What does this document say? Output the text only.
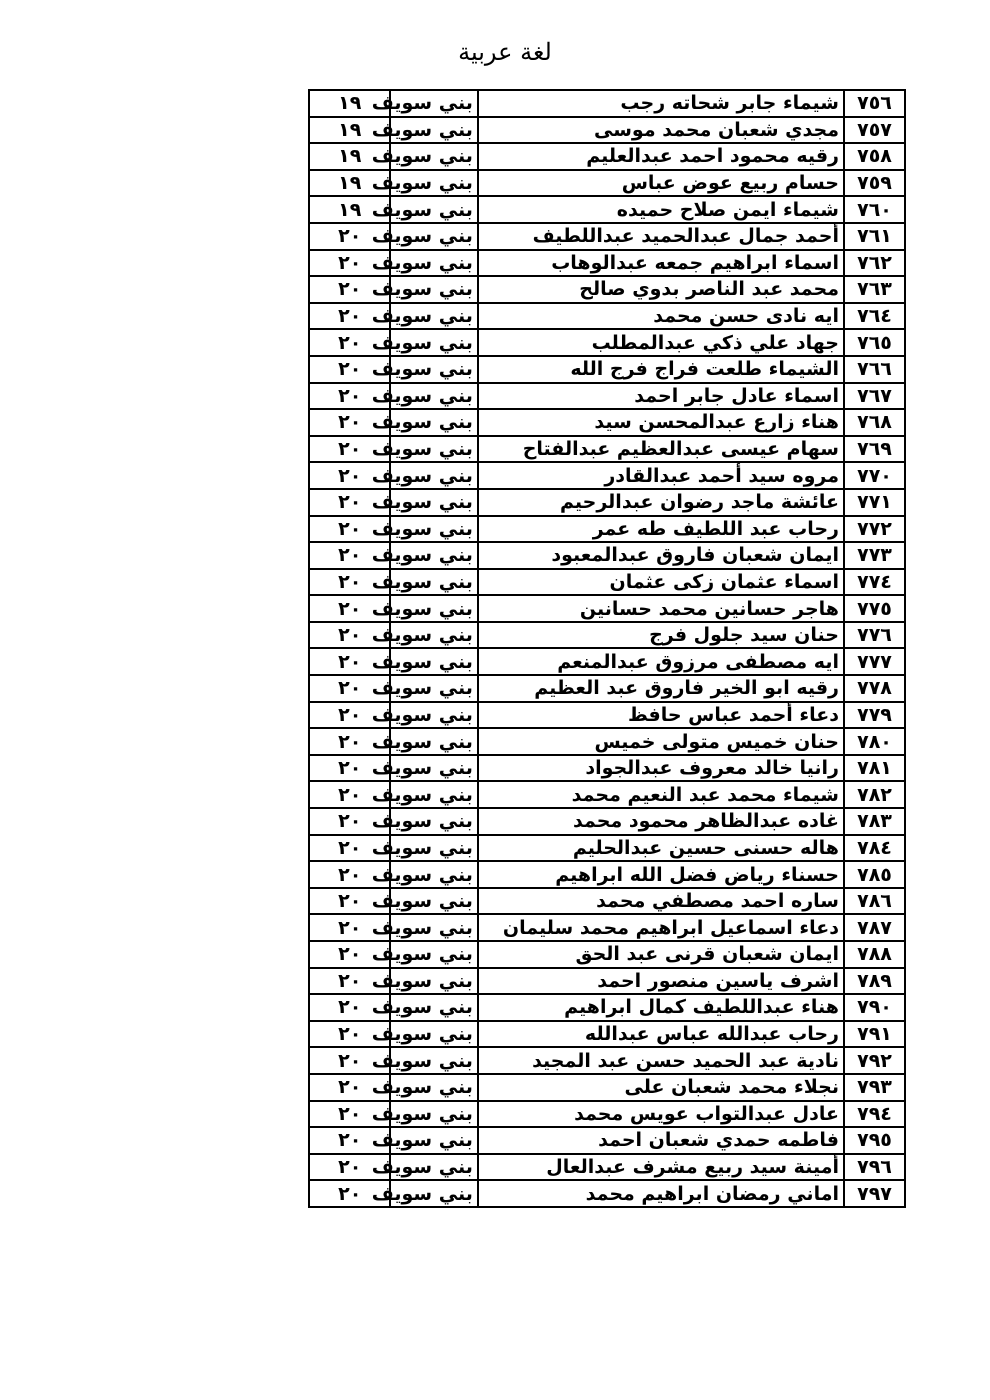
لغة عربية
٧٥٦	شيماء جابر شحاته رجب	بني سويف	١٩
٧٥٧	مجدي شعبان محمد موسى	بني سويف	١٩
٧٥٨	رقيه محمود احمد عبدالعليم	بني سويف	١٩
٧٥٩	حسام ربيع عوض عباس	بني سويف	١٩
٧٦٠	شيماء ايمن صلاح حميده	بني سويف	١٩
٧٦١	أحمد جمال عبدالحميد عبداللطيف	بني سويف	٢٠
٧٦٢	اسماء ابراهيم جمعه عبدالوهاب	بني سويف	٢٠
٧٦٣	محمد عبد الناصر بدوي صالح	بني سويف	٢٠
٧٦٤	ايه نادى حسن محمد	بني سويف	٢٠
٧٦٥	جهاد علي ذكي عبدالمطلب	بني سويف	٢٠
٧٦٦	الشيماء طلعت فراج فرج الله	بني سويف	٢٠
٧٦٧	اسماء عادل جابر احمد	بني سويف	٢٠
٧٦٨	هناء زارع عبدالمحسن سيد	بني سويف	٢٠
٧٦٩	سهام عيسى عبدالعظيم عبدالفتاح	بني سويف	٢٠
٧٧٠	مروه سيد أحمد عبدالقادر	بني سويف	٢٠
٧٧١	عائشة ماجد رضوان عبدالرحيم	بني سويف	٢٠
٧٧٢	رحاب عبد اللطيف طه عمر	بني سويف	٢٠
٧٧٣	ايمان شعبان فاروق عبدالمعبود	بني سويف	٢٠
٧٧٤	اسماء عثمان زكى عثمان	بني سويف	٢٠
٧٧٥	هاجر حسانين محمد حسانين	بني سويف	٢٠
٧٧٦	حنان سيد جلول فرج	بني سويف	٢٠
٧٧٧	ايه مصطفى مرزوق عبدالمنعم	بني سويف	٢٠
٧٧٨	رقيه ابو الخير فاروق عبد العظيم	بني سويف	٢٠
٧٧٩	دعاء أحمد عباس حافظ	بني سويف	٢٠
٧٨٠	حنان خميس متولى خميس	بني سويف	٢٠
٧٨١	رانيا خالد معروف عبدالجواد	بني سويف	٢٠
٧٨٢	شيماء محمد عبد النعيم محمد	بني سويف	٢٠
٧٨٣	غاده عبدالظاهر محمود محمد	بني سويف	٢٠
٧٨٤	هاله حسنى حسين عبدالحليم	بني سويف	٢٠
٧٨٥	حسناء رياض فضل الله ابراهيم	بني سويف	٢٠
٧٨٦	ساره احمد مصطفي محمد	بني سويف	٢٠
٧٨٧	دعاء اسماعيل ابراهيم محمد سليمان	بني سويف	٢٠
٧٨٨	ايمان شعبان قرنى عبد الحق	بني سويف	٢٠
٧٨٩	اشرف ياسين منصور احمد	بني سويف	٢٠
٧٩٠	هناء عبداللطيف كمال ابراهيم	بني سويف	٢٠
٧٩١	رحاب عبدالله عباس عبدالله	بني سويف	٢٠
٧٩٢	نادية عبد الحميد حسن عبد المجيد	بني سويف	٢٠
٧٩٣	نجلاء محمد شعبان على	بني سويف	٢٠
٧٩٤	عادل عبدالتواب عويس محمد	بني سويف	٢٠
٧٩٥	فاطمه حمدي شعبان احمد	بني سويف	٢٠
٧٩٦	أمينة سيد ربيع مشرف عبدالعال	بني سويف	٢٠
٧٩٧	اماني رمضان ابراهيم محمد	بني سويف	٢٠
